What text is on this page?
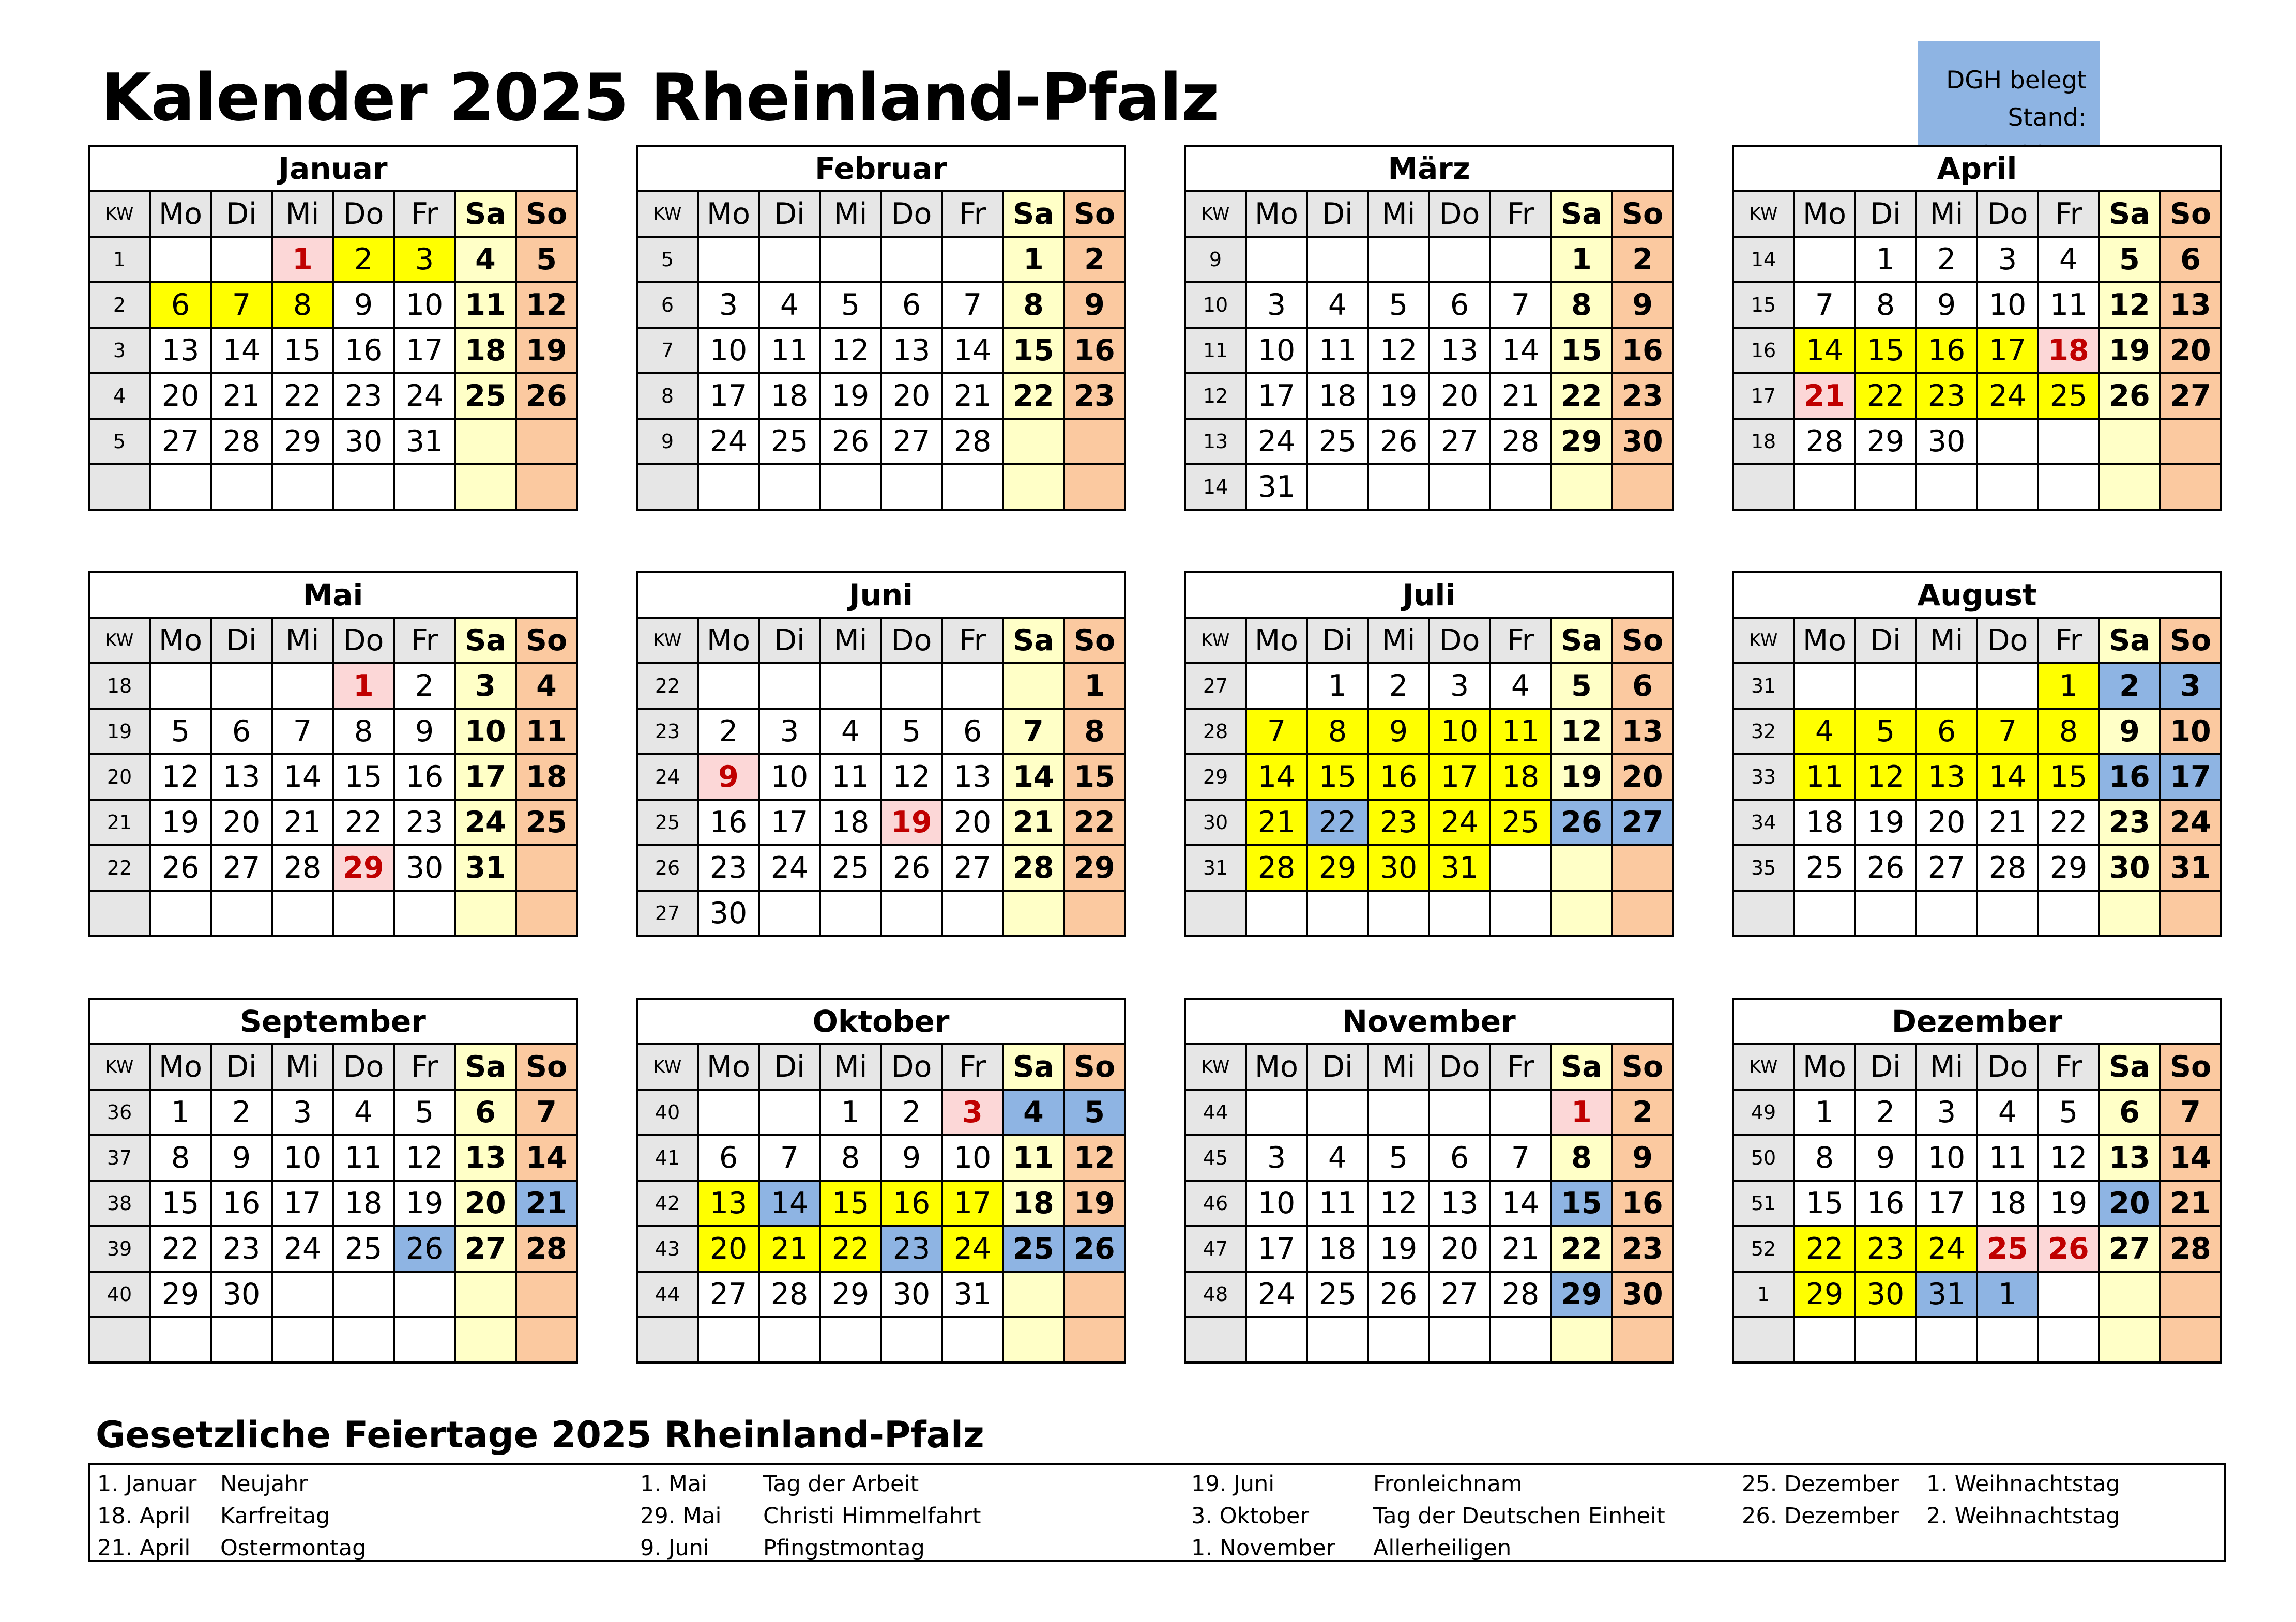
Kalender 2025 Rheinland-Pfalz	DGH belegt
Stand:
Januar							
KW	Mo	Di	Mi	Do	Fr	Sa	So
1			1	2	3	4	5
2	6	7	8	9	10	11	12
3	13	14	15	16	17	18	19
4	20	21	22	23	24	25	26
5	27	28	29	30	31		

Februar							
KW	Mo	Di	Mi	Do	Fr	Sa	So
5						1	2
6	3	4	5	6	7	8	9
7	10	11	12	13	14	15	16
8	17	18	19	20	21	22	23
9	24	25	26	27	28		

März							
KW	Mo	Di	Mi	Do	Fr	Sa	So
9						1	2
10	3	4	5	6	7	8	9
11	10	11	12	13	14	15	16
12	17	18	19	20	21	22	23
13	24	25	26	27	28	29	30
14	31						
April							
KW	Mo	Di	Mi	Do	Fr	Sa	So
14		1	2	3	4	5	6
15	7	8	9	10	11	12	13
16	14	15	16	17	18	19	20
17	21	22	23	24	25	26	27
18	28	29	30				

Mai							
KW	Mo	Di	Mi	Do	Fr	Sa	So
18				1	2	3	4
19	5	6	7	8	9	10	11
20	12	13	14	15	16	17	18
21	19	20	21	22	23	24	25
22	26	27	28	29	30	31	

Juni							
KW	Mo	Di	Mi	Do	Fr	Sa	So
22							1
23	2	3	4	5	6	7	8
24	9	10	11	12	13	14	15
25	16	17	18	19	20	21	22
26	23	24	25	26	27	28	29
27	30						
Juli							
KW	Mo	Di	Mi	Do	Fr	Sa	So
27		1	2	3	4	5	6
28	7	8	9	10	11	12	13
29	14	15	16	17	18	19	20
30	21	22	23	24	25	26	27
31	28	29	30	31			

August							
KW	Mo	Di	Mi	Do	Fr	Sa	So
31					1	2	3
32	4	5	6	7	8	9	10
33	11	12	13	14	15	16	17
34	18	19	20	21	22	23	24
35	25	26	27	28	29	30	31

September							
KW	Mo	Di	Mi	Do	Fr	Sa	So
36	1	2	3	4	5	6	7
37	8	9	10	11	12	13	14
38	15	16	17	18	19	20	21
39	22	23	24	25	26	27	28
40	29	30					

Oktober							
KW	Mo	Di	Mi	Do	Fr	Sa	So
40			1	2	3	4	5
41	6	7	8	9	10	11	12
42	13	14	15	16	17	18	19
43	20	21	22	23	24	25	26
44	27	28	29	30	31		

November							
KW	Mo	Di	Mi	Do	Fr	Sa	So
44						1	2
45	3	4	5	6	7	8	9
46	10	11	12	13	14	15	16
47	17	18	19	20	21	22	23
48	24	25	26	27	28	29	30

Dezember							
KW	Mo	Di	Mi	Do	Fr	Sa	So
49	1	2	3	4	5	6	7
50	8	9	10	11	12	13	14
51	15	16	17	18	19	20	21
52	22	23	24	25	26	27	28
1	29	30	31	1			

Gesetzliche Feiertage 2025 Rheinland-Pfalz
1. Januar Neujahr
18. April Karfreitag
21. April Ostermontag
1. Mai	Tag der Arbeit
29. Mai Christi Himmelfahrt
9. Juni Pfingstmontag
19. Juni	Fronleichnam
3. Oktober	Tag der Deutschen Einheit
1. November Allerheiligen
25. Dezember 1. Weihnachtstag
26. Dezember 2. Weihnachtstag
